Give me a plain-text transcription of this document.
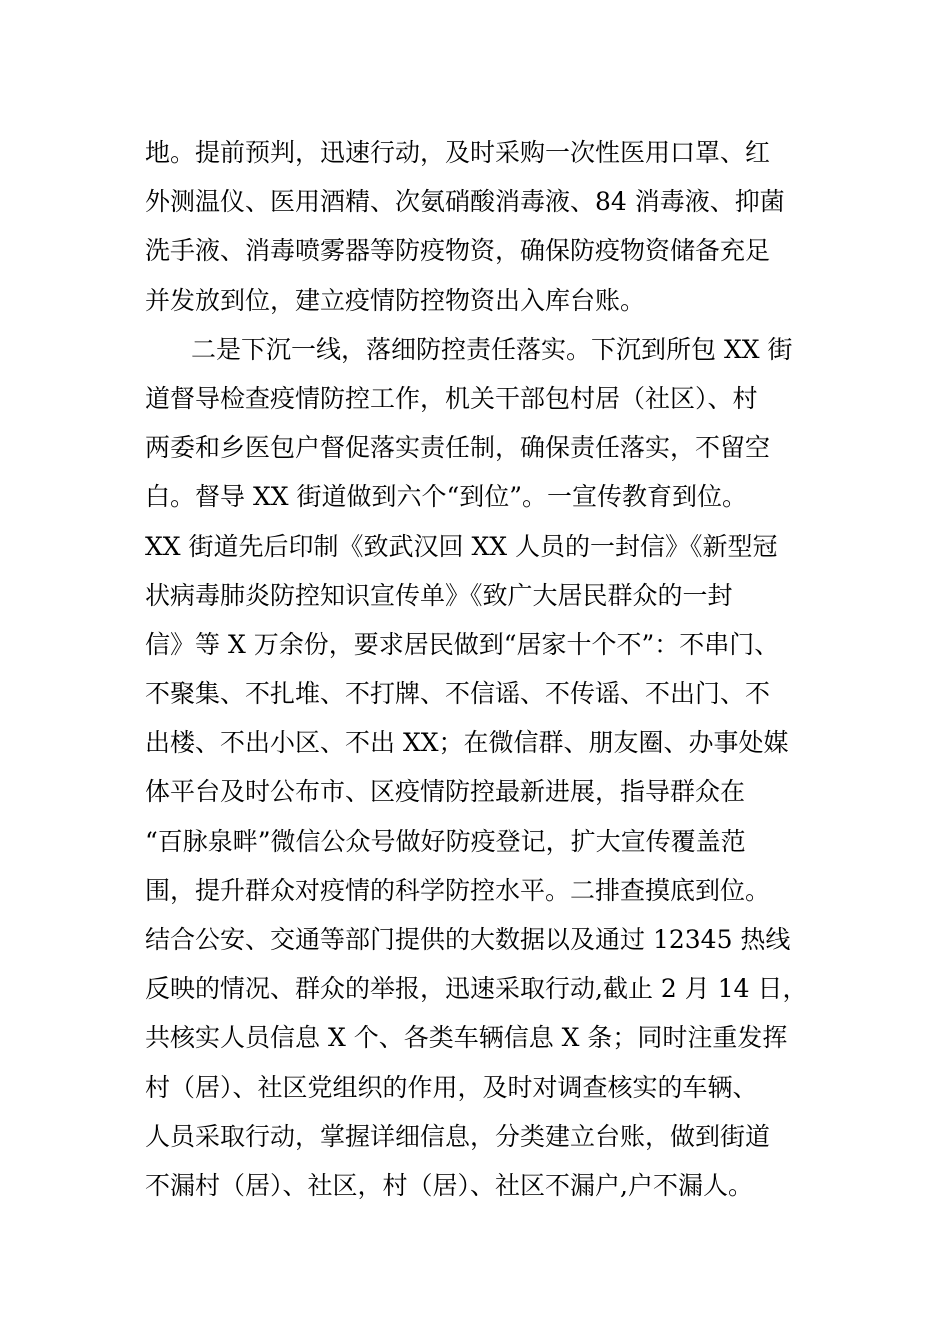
地。提前预判，迅速行动，及时采购一次性医用口罩、红
外测温仪、医用酒精、次氨硝酸消毒液、84 消毒液、抑菌
洗手液、消毒喷雾器等防疫物资，确保防疫物资储备充足
并发放到位，建立疫情防控物资出入库台账。
二是下沉一线，落细防控责任落实。下沉到所包 XX 街
道督导检查疫情防控工作，机关干部包村居（社区）、村
两委和乡医包户督促落实责任制，确保责任落实，不留空
白。督导 XX 街道做到六个“到位”。一宣传教育到位。
XX 街道先后印制《致武汉回 XX 人员的一封信》《新型冠
状病毒肺炎防控知识宣传单》《致广大居民群众的一封
信》等 X 万余份，要求居民做到“居家十个不”：不串门、
不聚集、不扎堆、不打牌、不信谣、不传谣、不出门、不
出楼、不出小区、不出 XX；在微信群、朋友圈、办事处媒
体平台及时公布市、区疫情防控最新进展，指导群众在
“百脉泉畔”微信公众号做好防疫登记，扩大宣传覆盖范
围，提升群众对疫情的科学防控水平。二排查摸底到位。
结合公安、交通等部门提供的大数据以及通过 12345 热线
反映的情况、群众的举报，迅速采取行动,截止 2 月 14 日，
共核实人员信息 X 个、各类车辆信息 X 条；同时注重发挥
村（居）、社区党组织的作用，及时对调查核实的车辆、
人员采取行动，掌握详细信息，分类建立台账，做到街道
不漏村（居）、社区，村（居）、社区不漏户,户不漏人。
